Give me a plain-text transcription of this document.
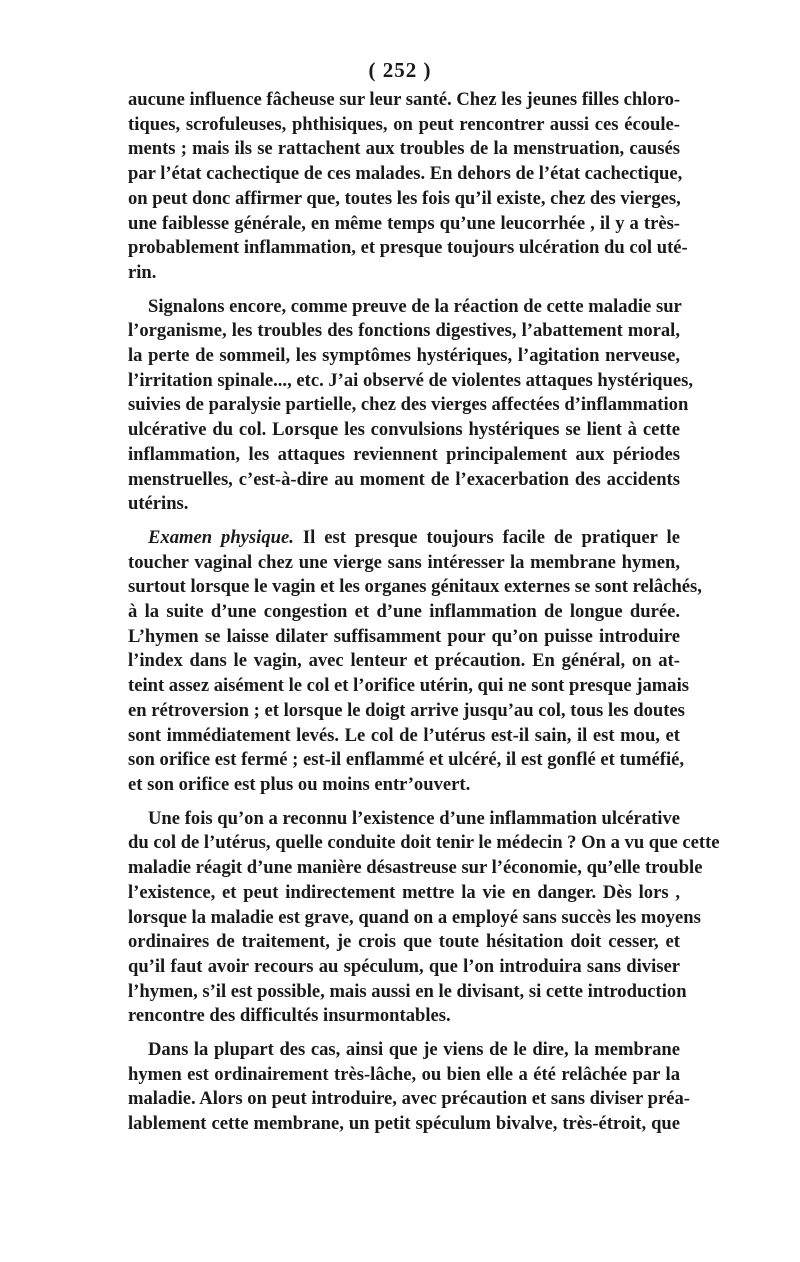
( 252 )
aucune influence fâcheuse sur leur santé. Chez les jeunes filles chloro-
tiques, scrofuleuses, phthisiques, on peut rencontrer aussi ces écoule-
ments ; mais ils se rattachent aux troubles de la menstruation, causés
par l’état cachectique de ces malades. En dehors de l’état cachectique,
on peut donc affirmer que, toutes les fois qu’il existe, chez des vierges,
une faiblesse générale, en même temps qu’une leucorrhée , il y a très-
probablement inflammation, et presque toujours ulcération du col uté-
rin.
Signalons encore, comme preuve de la réaction de cette maladie sur
l’organisme, les troubles des fonctions digestives, l’abattement moral,
la perte de sommeil, les symptômes hystériques, l’agitation nerveuse,
l’irritation spinale..., etc. J’ai observé de violentes attaques hystériques,
suivies de paralysie partielle, chez des vierges affectées d’inflammation
ulcérative du col. Lorsque les convulsions hystériques se lient à cette
inflammation, les attaques reviennent principalement aux périodes
menstruelles, c’est-à-dire au moment de l’exacerbation des accidents
utérins.
Examen physique. Il est presque toujours facile de pratiquer le
toucher vaginal chez une vierge sans intéresser la membrane hymen,
surtout lorsque le vagin et les organes génitaux externes se sont relâchés,
à la suite d’une congestion et d’une inflammation de longue durée.
L’hymen se laisse dilater suffisamment pour qu’on puisse introduire
l’index dans le vagin, avec lenteur et précaution. En général, on at-
teint assez aisément le col et l’orifice utérin, qui ne sont presque jamais
en rétroversion ; et lorsque le doigt arrive jusqu’au col, tous les doutes
sont immédiatement levés. Le col de l’utérus est-il sain, il est mou, et
son orifice est fermé ; est-il enflammé et ulcéré, il est gonflé et tuméfié,
et son orifice est plus ou moins entr’ouvert.
Une fois qu’on a reconnu l’existence d’une inflammation ulcérative
du col de l’utérus, quelle conduite doit tenir le médecin ? On a vu que cette
maladie réagit d’une manière désastreuse sur l’économie, qu’elle trouble
l’existence, et peut indirectement mettre la vie en danger. Dès lors ,
lorsque la maladie est grave, quand on a employé sans succès les moyens
ordinaires de traitement, je crois que toute hésitation doit cesser, et
qu’il faut avoir recours au spéculum, que l’on introduira sans diviser
l’hymen, s’il est possible, mais aussi en le divisant, si cette introduction
rencontre des difficultés insurmontables.
Dans la plupart des cas, ainsi que je viens de le dire, la membrane
hymen est ordinairement très-lâche, ou bien elle a été relâchée par la
maladie. Alors on peut introduire, avec précaution et sans diviser préa-
lablement cette membrane, un petit spéculum bivalve, très-étroit, que
